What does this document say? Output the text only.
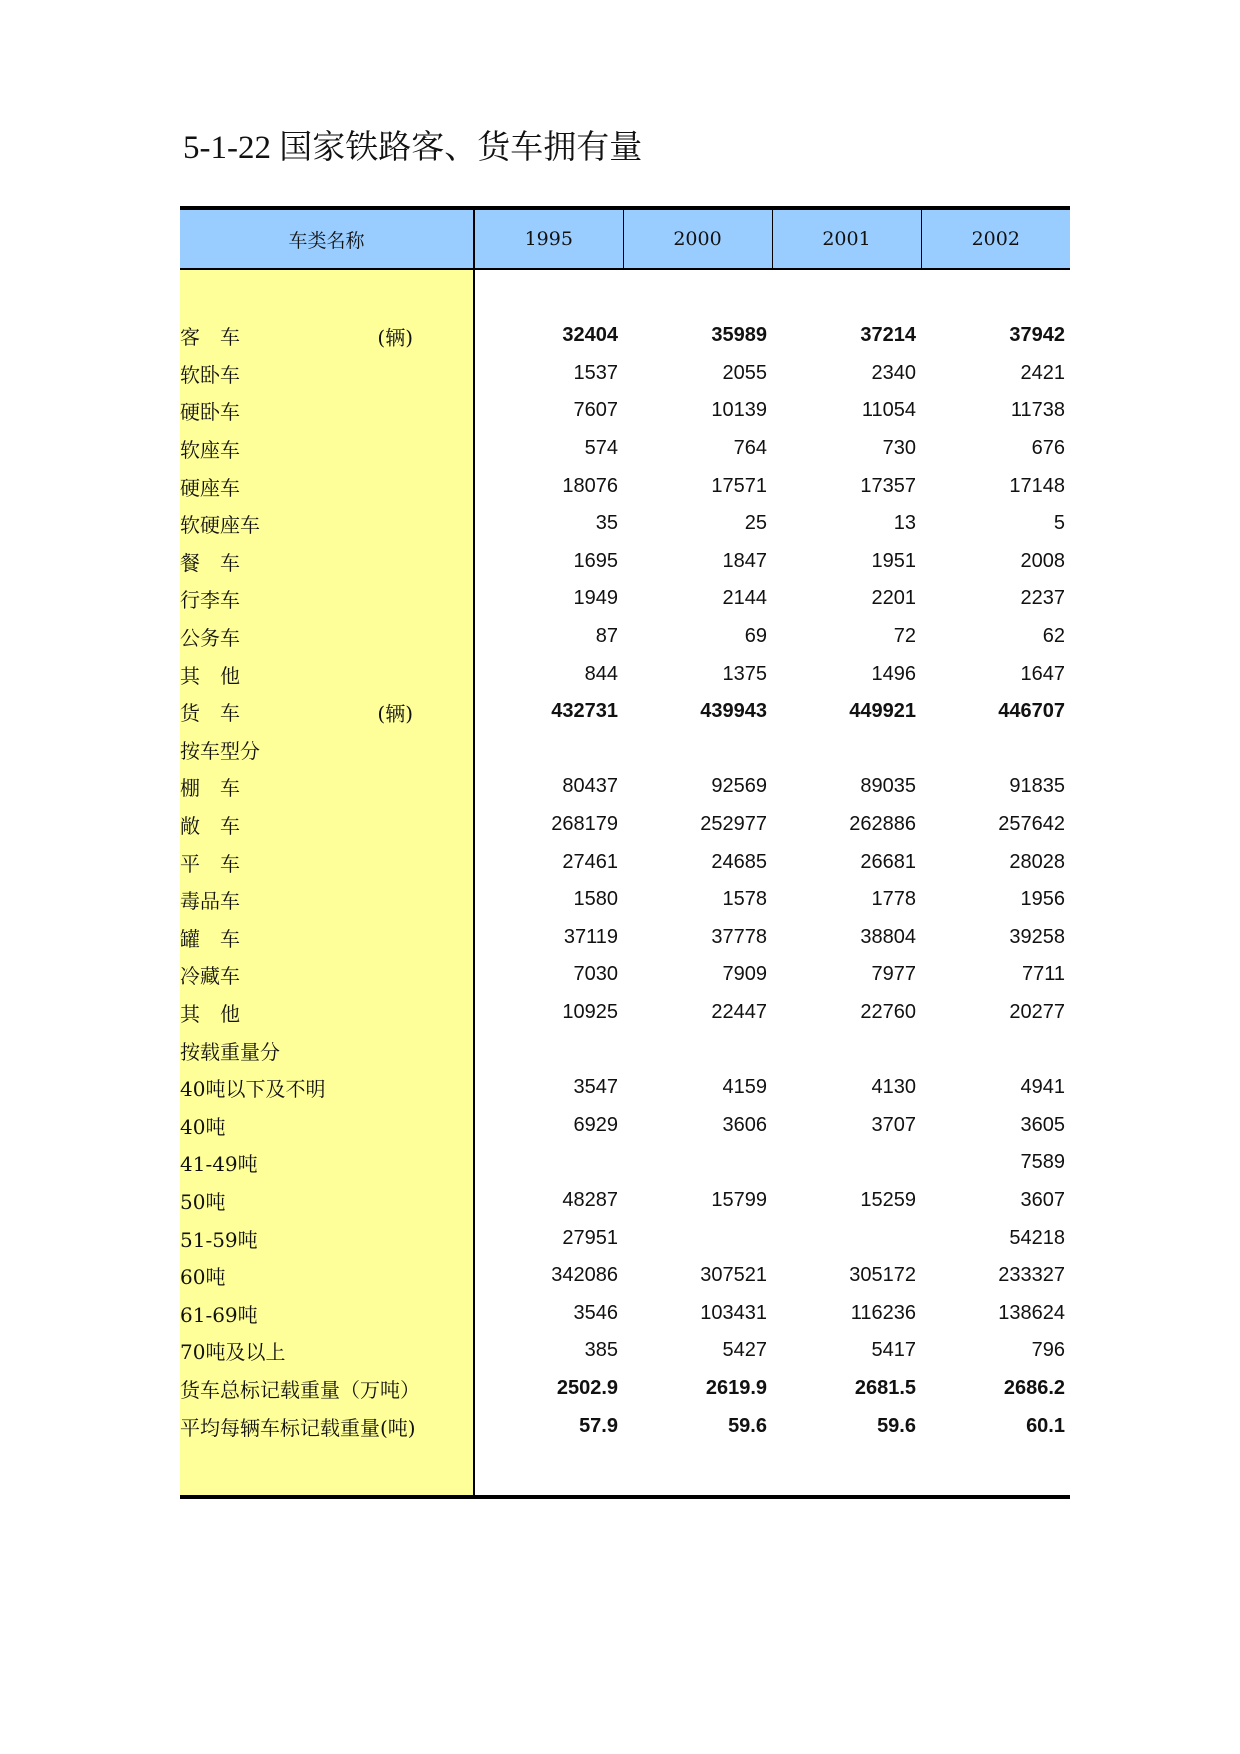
5-1-22 国家铁路客、货车拥有量
车类名称	1995	2000	2001	2002

客　车 (辆)	32404	35989	37214	37942
软卧车	1537	2055	2340	2421
硬卧车	7607	10139	11054	11738
软座车	574	764	730	676
硬座车	18076	17571	17357	17148
软硬座车	35	25	13	5
餐　车	1695	1847	1951	2008
行李车	1949	2144	2201	2237
公务车	87	69	72	62
其　他	844	1375	1496	1647
货　车 (辆)	432731	439943	449921	446707
按车型分				
棚　车	80437	92569	89035	91835
敞　车	268179	252977	262886	257642
平　车	27461	24685	26681	28028
毒品车	1580	1578	1778	1956
罐　车	37119	37778	38804	39258
冷藏车	7030	7909	7977	7711
其　他	10925	22447	22760	20277
按载重量分				
40吨以下及不明	3547	4159	4130	4941
40吨	6929	3606	3707	3605
41-49吨				7589
50吨	48287	15799	15259	3607
51-59吨	27951			54218
60吨	342086	307521	305172	233327
61-69吨	3546	103431	116236	138624
70吨及以上	385	5427	5417	796
货车总标记载重量（万吨）	2502.9	2619.9	2681.5	2686.2
平均每辆车标记载重量(吨)	57.9	59.6	59.6	60.1
